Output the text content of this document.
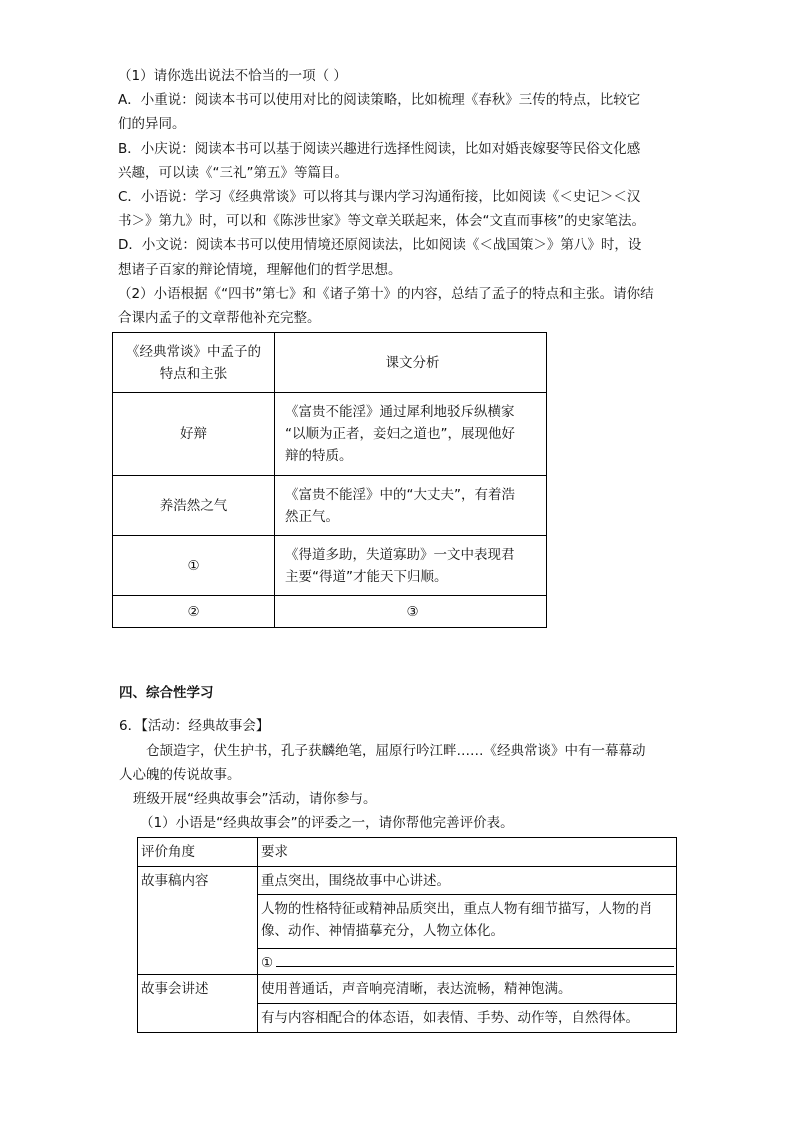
（1）请你选出说法不恰当的一项（ ）
A．小重说：阅读本书可以使用对比的阅读策略，比如梳理《春秋》三传的特点，比较它
们的异同。
B．小庆说：阅读本书可以基于阅读兴趣进行选择性阅读，比如对婚丧嫁娶等民俗文化感
兴趣，可以读《“三礼”第五》等篇目。
C．小语说：学习《经典常谈》可以将其与课内学习沟通衔接，比如阅读《＜史记＞＜汉
书＞》第九》时，可以和《陈涉世家》等文章关联起来，体会“文直而事核”的史家笔法。
D．小文说：阅读本书可以使用情境还原阅读法，比如阅读《＜战国策＞》第八》时，设
想诸子百家的辩论情境，理解他们的哲学思想。
（2）小语根据《“四书”第七》和《诸子第十》的内容，总结了孟子的特点和主张。请你结
合课内孟子的文章帮他补充完整。
《经典常谈》中孟子的
特点和主张	课文分析
好辩	《富贵不能淫》通过犀利地驳斥纵横家
“以顺为正者，妾妇之道也”，展现他好
辩的特质。

养浩然之气	《富贵不能淫》中的“大丈夫”，有着浩
然正气。

①	《得道多助，失道寡助》一文中表现君
主要“得道”才能天下归顺。

②	③
四、综合性学习
6．【活动：经典故事会】
仓颉造字，伏生护书，孔子获麟绝笔，屈原行吟江畔……《经典常谈》中有一幕幕动
人心魄的传说故事。
班级开展“经典故事会”活动，请你参与。
（1）小语是“经典故事会”的评委之一，请你帮他完善评价表。
评价角度	要求
故事稿内容	重点突出，围绕故事中心讲述。

	人物的性格特征或精神品质突出，重点人物有细节描写，人物的肖
像、动作、神情描摹充分，人物立体化。

	①

故事会讲述	使用普通话，声音响亮清晰，表达流畅，精神饱满。
	有与内容相配合的体态语，如表情、手势、动作等，自然得体。
